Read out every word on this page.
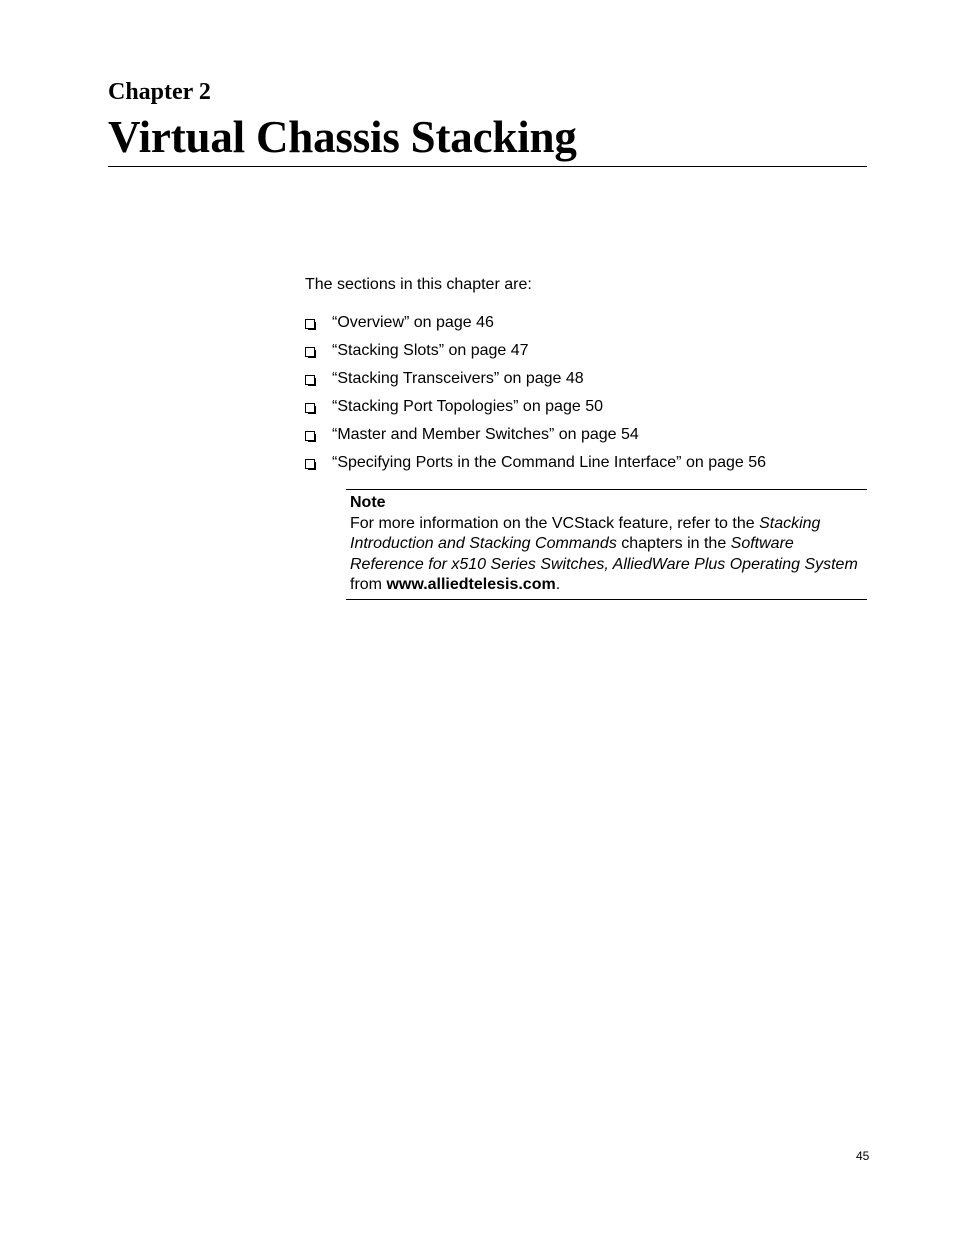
Chapter 2

Virtual Chassis Stacking

The sections in this chapter are:

“Overview” on page 46
“Stacking Slots” on page 47
“Stacking Transceivers” on page 48
“Stacking Port Topologies” on page 50
“Master and Member Switches” on page 54
“Specifying Ports in the Command Line Interface” on page 56

Note

For more information on the VCStack feature, refer to the Stacking Introduction and Stacking Commands chapters in the Software Reference for x510 Series Switches, AlliedWare Plus Operating System from www.alliedtelesis.com.

45
